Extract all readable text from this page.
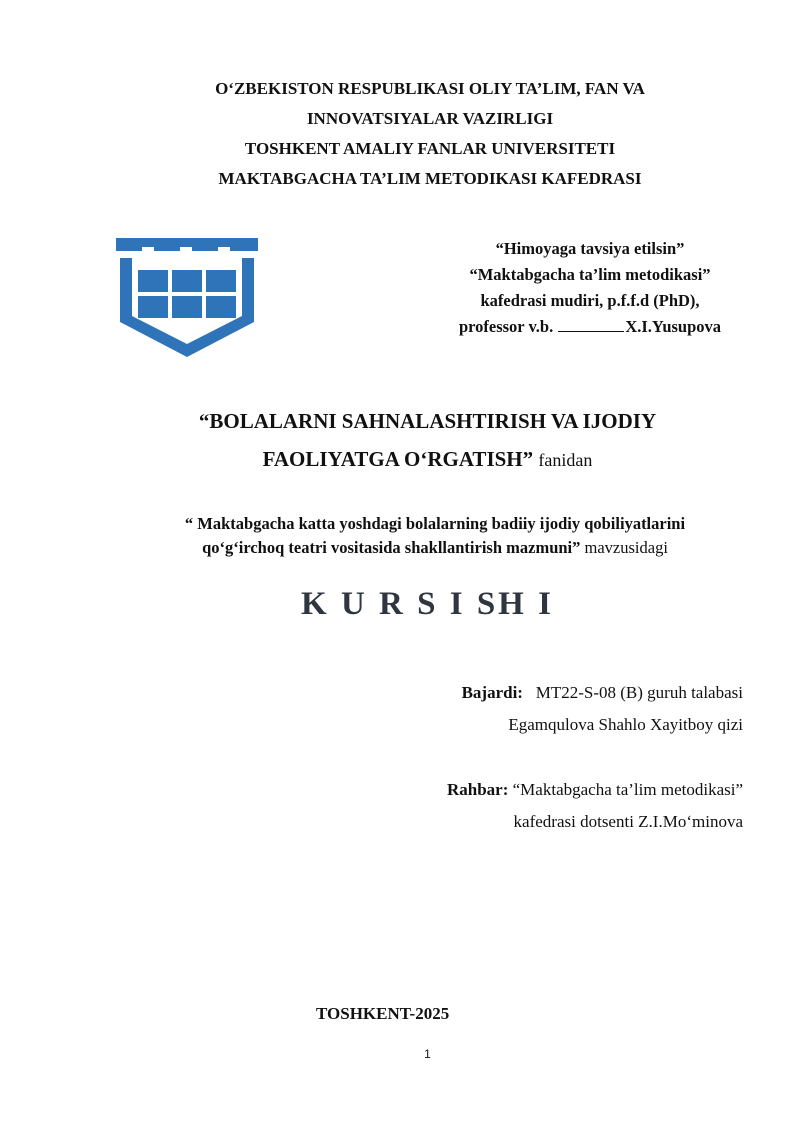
O‘ZBEKISTON RESPUBLIKASI OLIY TA’LIM, FAN VA
INNOVATSIYALAR VAZIRLIGI
TOSHKENT AMALIY FANLAR UNIVERSITETI
MAKTABGACHA TA’LIM METODIKASI KAFEDRASI
“Himoyaga tavsiya etilsin”
“Maktabgacha ta’lim metodikasi”
kafedrasi mudiri, p.f.f.d (PhD),
professor v.b.	X.I.Yusupova
“BOLALARNI SAHNALASHTIRISH VA IJODIY
FAOLIYATGA O‘RGATISH” fanidan
“ Maktabgacha katta yoshdagi bolalarning badiiy ijodiy qobiliyatlarini
qo‘g‘irchoq teatri vositasida shakllantirish mazmuni” mavzusidagi
K U R S I SH I
Bajardi: MT22-S-08 (B) guruh talabasi
Egamqulova Shahlo Xayitboy qizi
Rahbar: “Maktabgacha ta’lim metodikasi”
kafedrasi dotsenti Z.I.Mo‘minova
TOSHKENT-2025
1
